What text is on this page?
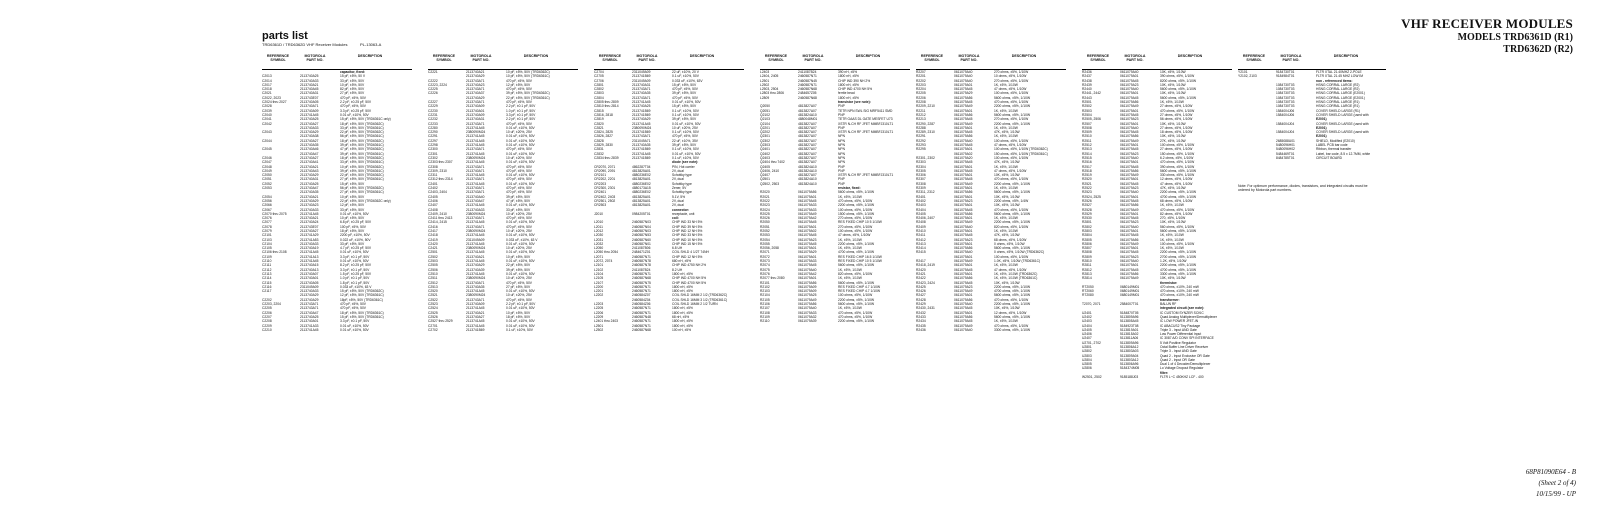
VHF RECEIVER MODULES
MODELS TRD6361D (R1)
TRD6362D (R2)
parts list
TRD6361D / TRD6362D VHF Receiver Modules	PL-13063-A
REFERENCE
SYMBOL
MOTOROLA
PART NO.
DESCRIPTION
capacitor, fixed:
C2013	2113740A25	15 pF, ±5%, 50 V
C2014	2113740A33	33 pF, ±5%, 50V
C2017	2113740A21	10 pF, ±5%, 50V
C2018	2113740A45	82 pF, ±5%, 50V
C2021	2113740A31	27 pF, ±5%, 50V
C2022, 2023	2113743E07	470 pF, ±5%, 50V
C2024 thru 2027	2113740A05	2.2 pF, ±0.25 pF, 50V
C2028	2113740A71	470 pF, ±5%, 50V
C2039	2113740A09	3.3 pF, ±0.25 pF, 50V
C2040	2113741A45	0.01 uF, ±10%, 50V
C2041	2113740A25	15 pF, ±5%, 50V (TRD6361C only)
C2042	2113740A27	18 pF, ±5%, 50V (TRD6362C)
2113740A33	33 pF, ±5%, 50V (TRD6361C)
C2043	2113740A29	22 pF, ±5%, 50V (TRD6362C)
2113740A38	56 pF, ±5%, 50V (TRD6361C)
C2044	2113740A27	18 pF, ±5%, 50V (TRD6362C)
2113740A35	39 pF, ±5%, 50V (TRD6361C)
C2045	2113740A46	47 pF, ±5%, 50V (TRD6362C)
2113740A47	39 pF, ±5%, 50V (TRD6361C)
C2046	2113740A27	18 pF, ±5%, 50V (TRD6362C)
C2047	2113740A41	33 pF, ±5%, 50V (TRD6361C)
C2048	2113740A21	10 pF, ±5%, 50V (TRD6362C)
C2049	2113740A43	39 pF, ±5%, 50V (TRD6361C)
C2050	2113740A29	22 pF, ±5%, 50V (TRD6362C)
C2051	2113740A31	27 pF, ±5%, 50V (TRD6361C)
C2052	2113740A25	15 pF, ±5%, 50V
C2053	2113740A47	56 pF, ±5%, 50V (TRD6362C)
2113740A35	27 pF, ±5%, 50V (TRD6361C)
C2054	2113740A21	10 pF, ±5%, 50V
C2056	2113740A29	22 pF, ±5%, 50V (TRD6362C only)
C2066	2113740A23	12 pF, ±5%, 50V
C2067	2113740A33	33 pF, ±5%, 50V
C2070 thru 2075	2113741A45	0.01 uF, ±10%, 50V
C2076	2113740A21	10 pF, ±5%, 50V
C2077	2113740A24	6.8 pF, ±0.25 pF, 50V
C2078	2113743E07	100 pF, ±5%, 50V
C2079	2113740A27	18 pF, ±5%, 50V
C2101	2113741A29	2200 pF, ±10%, 50V
C2103	2113741A53	0.022 uF, ±10%, 50V
C2104	2113740A33	33 pF, ±5%, 50V
C2105	2113740A19	4.7 pF, ±0.25 pF, 50V
C2106 thru 2108	2113741A45	0.01 uF, ±10%, 50V
C2109	2113741A13	3.3 pF, ±0.1 pF, 50V
C2110	2113741A45	0.01 uF, ±10%, 50V
C2111	2113740A15	8.2 pF, ±0.25 pF, 50V
C2112	2113740A13	3.3 pF, ±0.1 pF, 50V
C2113	2113740A07	1.5 pF, ±0.25 pF, 50V
C2114	2113740A01	1.0 pF, ±0.1 pF, 50V
C2115	2113740A05	1.8 pF, ±0.1 pF, 50V
C2116	2311049A09	0.033 uF, ±10%, 63 V
C2117	2113740A33	15 pF, ±5%, 50V (TRD6362C)
2113740A29	12 pF, ±5%, 50V (TRD6361C)
C2202	2113740A29	18pF, ±5%, 50V (TRD6361C)
C2203, 2204	2113743A71	470 pF, ±5%, 50V
C2205	2113743A71	470 pF, ±5%, 50V
C2206	2113740A47	18 pF, ±5%, 50V (TRD6361C)
C2207	2113740A25	15 pF, ±5%, 50V (TRD6361C)
C2208	2113740A01	3.3 pF, ±0.1 pF, 50V
C2209	2113741A33	0.01 uF, ±10%, 50V
C2210	2113741A45	0.01 uF, ±10%, 50V
REFERENCE
SYMBOL
MOTOROLA
PART NO.
DESCRIPTION
C2221	2113740A21	10 pF, ±5%, 50V (TRD6362C)
2113740A29	10 pF, ±5%, 50V (TRD6361C)
C2222	2113743A71	470 pF, ±5%, 50V
C2223, 2224	2113740A23	12 pF, ±5%, 50V
C2225	2113743A71	470 pF, ±5%, 50V
C2226	2113740A37	39 pF, ±5%, 50V (TRD6362C)
2113740A29	22 pF, ±5%, 50V (TRD6361C)
C2227	2113743A71	470 pF, ±5%, 50V
C2229	2113740A09	2.2 pF, ±0.1 pF, 50V
C2230	2113740A01	1.0 pF, ±0.1 pF, 50V
C2231	2113740A09	3.3 pF, ±0.1 pF, 50V
C2232	2113740A31	2.2 pF, ±0.1 pF, 50V
C2233	2113743A71	470 pF, ±5%, 50V
C2280	2113741A45	0.01 uF, ±10%, 50V
C2290	2380090M24	10 uF, ±20%, 25V
C2291	2113741A45	0.01 uF, ±10%, 50V
C2297	2113741A45	0.01 uF, ±10%, 50V
C2298	2113741A45	0.01 uF, ±10%, 50V
C2300	2113743A71	470 pF, ±5%, 50V
C2301	2113741A45	0.01 uF, ±10%, 50V
C2302	2380090M24	10 uF, ±20%, 50V
C2303 thru 2307	2113741A45	0.01 uF, ±10%, 50V
C2308	2113743A71	470 pF, ±5%, 50V
C2309, 2310	2113740A71	470 pF, ±5%, 50V
C2311	2113741A45	0.01 uF, ±10%, 50V
C2312 thru 2314	2113743A71	470 pF, ±5%, 50V
C2401	2113741A45	0.01 uF, ±10%, 50V
C2402	2113740A71	470 pF, ±5%, 50V
C2403, 2404	2113743A71	470 pF, ±5%, 50V
C2405	2113740A40	39 pF, ±5%, 50V
C2406	2113740A47	47 pF, ±5%, 50V
C2407	2113741A45	0.01 uF, ±10%, 50V
C2408	2113740A33	33 pF, ±5%, 50V
C2409, 2410	2380090M24	10 uF, ±20%, 25V
C2411 thru 2413	2113740A71	470 pF, ±5%, 50V
C2414, 2415	2113741A45	0.01 uF, ±10%, 50V
C2416	2113740A71	470 pF, ±5%, 50V
C2417	2380090M24	10 uF, ±20%, 25V
C2418	2113741A45	0.01 uF, ±10%, 50V
C2419	2311049A09	0.033 uF, ±10%, 63 V
C2420	2113741A45	0.01 uF, ±10%, 50V
C2421	2380090M24	10 uF, ±20%, 25V
C2501	2113741A45	0.01 uF, ±10%, 50V
C2502	2113740A21	10 pF, ±5%, 50V
C2503	2113741A45	0.01 uF, ±10%, 50V
C2505	2113740A29	22 pF, ±5%, 50V
C2506	2113740A39	39 pF, ±5%, 50V
C2510	2113741A45	0.01 uF, ±10%, 50V
C2511	2380090M24	10 uF, ±20%, 25V
C2512	2113740A71	470 pF, ±5%, 50V
C2513	2113740A35	27 pF, ±5%, 50V
C2520	2113741A45	0.01 uF, ±10%, 50V
C2521	2380090M24	10 uF, ±20%, 25V
C2522	2113743A71	470 pF, ±5%, 50V
C2523	2113740A09	2.2 pF, ±0.1 pF, 50V
C2524	2113741A45	0.01 uF, ±10%, 50V
C2525	2113740A21	10 pF, ±5%, 50V
C2526	2113740A27	18 pF, ±5%, 50V
C2527 thru 2529	2113741A45	0.01 uF, ±10%, 50V
C2701	2113741A45	0.01 uF, ±10%, 50V
C2702	2113741B69	0.1 uF, ±10%, 50V
REFERENCE
SYMBOL
MOTOROLA
PART NO.
DESCRIPTION
C2704	2311049A09	22 uF, ±10%, 20 V
C2705	2113741B69	0.1 uF, ±10%, 50V
C2706	2311049A09	0.033 uF, ±10%, 63V
C2801	2113740A31	15 pF, ±5%, 50V
C2802	2113743A71	470 pF, ±5%, 50V
C2803	2113740A35	39 pF, ±5%, 50V
C2804	2113743A71	470 pF, ±5%, 50V
C2805 thru 2809	2113741A45	0.01 uF, ±10%, 50V
C2810 thru 2814	2113740A25	15 pF, ±5%, 50V
C2815	2113741B69	0.1 uF, ±10%, 50V
C2816, 2818	2113741B69	0.1 uF, ±10%, 50V
C2819	2113740A29	39 pF, ±5%, 50V
C2820	2113741A45	0.01 uF, ±10%, 50V
C2821	2380090M24	10 uF, ±20%, 25V
C2824, 2825	2113741B69	0.1 uF, ±10%, 50V
C2826, 2827	2113743A71	470 pF, ±5%, 50V
C2828	2311049A71	22 uF, ±10%, 35V
C2829, 2830	2113740A35	39 pF, ±5%, 50V
C2831	2113741B69	0.1 uF, ±10%, 50V
C2832	2113741A45	0.01 uF, ±10%, 50V
C2834 thru 2839	2113741B69	0.1 uF, ±10%, 50V
diode (see note):
CR2070, 2071	4862287T04	PIN, Hot carrier
CR2090, 2091	4813825A01	2V, dual
CR2101	4880236E02	Schottky type
CR2202, 2201	4813825A01	2V, dual
CR2203	4880236E02	Schottky type
CR2300, 2301	4880173A15	Zener, 5V
CR2401	4880236E02	Schottky type
CR2402, 2403	4813825A01	5.1V, 5%
CR2501, 2502	4813825A01	2V, dual
CR2503	4813825A01	2V, dual
connector:
J2010	0984205T01	receptacle, unit
coil:
L2010	2460587N03	CHIP IND 33 NH 5%
L2011	2460587N04	CHIP IND 39 NH 5%
L2012	2460587N03	CHIP IND 12 NH 5%
L2030	2460587N53	CHIP IND 33 NH 5%
L2031	2460587N60	CHIP IND 10 NH 5%
L2032	2460587N01	CHIP IND 15 NH 5%
L2050	2411087B06	6.8 UH
L2050 thru 2054	2484671Z01	COIL SHLD 4 1/2T 74NH
L2071	2460587N71	CHIP IND 12 NH 5%
L2072, 2074	2460587N78	680 nH, ±5%
L2101	2460587N78	CHIP IND 4750 NH 2%
L2102	2411087B24	8.2 UH
L2104	2460587N71	1800 nH, ±5%
L2105	2460587N68	CHIP IND 4700 NH 5%
L2107	2460587N75	CHIP IND 4700 NH 5%
L2200	2460587N71	1800 nH, ±5%
L2201	2460587N71	1800 nH, ±5%
L2202	2460584Z07	COIL SHLD 16MM 2 1/2 (TRD6362C)
2460584Z04	COIL SHLD 16MM 3 1/2 (TRD6361C)
L2203	2460584Z06	COIL SHLD 16MM 2 1/2 TURN
L2205	2460587N71	1800 nH, ±5%
L2206	2460587N71	1800 nH, ±5%
L2209	2460587N48	68 nH, ±5%
L2401 thru 2403	2460587N71	1800 nH, ±5%
L2501	2460587N71	1800 nH, ±5%
L2502	2460587N68	100 nH, ±5%
REFERENCE
SYMBOL
MOTOROLA
PART NO.
DESCRIPTION
L2403	2411087B24	390 nH, ±5%
L2404, 2405	2460587N71	1800 nH, ±5%
L2501	2460587N45	CHIP IND 390 NH 2%
L2502	2460587N71	1800 nH, ±5%
L2503, 2504	2460587N68	CHIP IND 4700 NH 5%
L2803 thru 2806	2484657Z05	ferrite bead
L2809	2460587N68	1800 nH, ±5%
transistor (see note):
Q2050	4813827A07	PNP
Q2051	4813827A07	TETR NPN SWL SIG MRF5411 SMD
Q2102	4813824A10	PNP
Q2103	4880048M01	TETR GAAS DL GATE MESFET U73
Q2104	4813827A07	XSTR N-CH RF JFET MMBFJ310LT1
Q2201	4813827A07	PNP
Q2202	4813827A07	XSTR N-CH RF JFET MMBFJ310LT1
Q2301	4813827A07	NPN
Q2302	4813827A07	NPN
Q2303	4813827A07	NPN
Q2401	4813827A07	NPN
Q2402	4813827A07	NPN
Q2403	4813827A07	NPN
Q2404 thru 7402	4813827A07	NPN
Q2405	4813824A10	PNP
Q2406, 2410	4813824A10	PNP
Q2407	4813827A07	XSTR N-CH RF JFET MMBFJ310LT1
Q2501	4813824A10	PNP
Q2502, 2503	4813824A10	PNP
resistor, fixed:
R2020	0611079A56	5600 ohms, ±5%, 1/10W
R2021	0611079A01	1K, ±5%, 1/10W
R2022	0611079A45	470 ohms, ±5%, 1/10W
R2023	0611079A33	2200 ohms, ±5%, 1/10W
R2024	0611079A33	100 ohms, ±5%, 1/10W
R2025	0611079A49	1500 ohms, ±5%, 1/10W
R2026	0611079A42	270 ohms, ±5%, 1/10W
R2050	0611079A45	RES FIXED CHIP 10 5 1/10W
R2051	0611079A01	270 ohms, ±5%, 1/10W
R2052	0611079A02	100 ohms, ±5%, 1/10W
R2053	0611079A45	47 ohms, ±5%, 1/10W
R2054	0611079A23	1K, ±5%, 1/10W
R2055	0611079A45	2200 ohms, ±5%, 1/10W
R2056, 2058	0611079A01	1K, ±5%, 1/10W
R2071	0611079A29	4700 ohms, ±5%, 1/10W
R2072	0611079A01	RES FIXED CHIP 16.5 1/10W
R2073	0611079A33	RES FIXED CHIP 10 5 1/10W
R2074	0611079A45	5600 ohms, ±5%, 1/10W
R2075	0611079A40	1K, ±5%, 1/10W
R2076	0611079A42	820 ohms, ±5%, 1/10W
R2077 thru 2080	0611079A01	1K, ±5%, 1/10W
R2101	0611079A56	5600 ohms, ±5%, 1/10W
R2102	0611079A09	RES FIXED CHIP 4.7 1/10W
R2103	0611079A09	RES FIXED CHIP 4.7 1/10W
R2104	0611079A25	100 ohms, ±5%, 1/10W
R2105	0611079A49	2200 ohms, ±5%, 1/10W
R2106	0611079A56	5600 ohms, ±5%, 1/10W
R2107	0611079A40	1K, ±5%, 1/10W
R2108	0611079A33	470 ohms, ±5%, 1/10W
R2109	0611079A32	470 ohms, ±5%, 1/10W
R2110	0611079A39	2200 ohms, ±5%, 1/10W
REFERENCE
SYMBOL
MOTOROLA
PART NO.
DESCRIPTION
R2207	0611079A40	270 ohms, ±5%, 1/10W
R2201	0611079A40	10 ohms, ±5%, 1/10W
R2202	0611079A40	270 ohms, ±5%, 1/10W
R2203	0611079A01	1K, ±5%, 1/10W
R2204	0611079A45	47 ohms, ±5%, 1/10W
R2205	0611079A29	100 ohms, ±5%, 1/10W
R2206	0611079A56	5600 ohms, ±5%, 1/10W
R2208	0611079A45	470 ohms, ±5%, 1/10W
R2209, 2210	0611079A49	2200 ohms, ±5%, 1/10W
R2211	0611079A01	1K, ±5%, 1/10W
R2212	0611079A56	5600 ohms, ±5%, 1/10W
R2213	0611079A45	270 ohms, ±5%, 1/10W
R2290, 2287	0611079A49	2200 ohms, ±5%, 1/10W
R2288	0611079A01	1K, ±5%, 1/10W
R2289, 2310	0611079A45	47K, ±5%, 1/10W
R2291	0611079A56	1K, ±5%, 1/10W
R2292	0611079A40	100 ohms, ±5%, 1/10W
R2293	0611079A45	47 ohms, ±5%, 1/10W
R2295	0611079A01	100 ohms, ±5%, 1/10W (TRD6362C)
0611079A02	150 ohms, ±5%, 1/10W (TRD6361C)
R2301, 2302	0611079A20	100 ohms, ±5%, 1/10W
R2303	0611079A45	47K, ±5%, 1/10W
R2304	0611079A01	1K, ±5%, 1/10W
R2305	0611079A45	47 ohms, ±5%, 1/10W
R2306	0611079A01	10K, ±5%, 1/10W
R2307	0611079A45	470 ohms, ±5%, 1/10W
R2308	0611079A49	2200 ohms, ±5%, 1/10W
R2309	0611079A01	1K, ±5%, 1/10W
R2311, 2312	0611079A56	5600 ohms, ±5%, 1/10W
R2401	0611079A01	10K, ±5%, 1/10W
R2402	0611079A23	2200 ohms, ±5%, 1/4W
R2403	0611079A01	10K, ±5%, 1/10W
R2404	0611079A45	470 ohms, ±5%, 1/10W
R2405	0611079A56	5600 ohms, ±5%, 1/10W
R2406, 2407	0611079A01	1K, ±5%, 1/10W
R2408	0611079A49	2200 ohms, ±5%, 1/10W
R2409	0611079A40	820 ohms, ±5%, 1/10W
R2410	0611079A01	1K, ±5%, 1/10W
R2411	0611079A45	47K, ±5%, 1/10W
R2412	0611079A23	68 ohms, ±5%, 1/10W
R2413	0611079A01	0 ohms, ±5%, 1/10W
R2414	0611079A56	5600 ohms, ±5%, 1/10W
R2415	0611079A40	0 ohms, ±5%, 1/10W (TRD6362C)
0611079A01	100 ohms, ±5%, 1/10W
R2417	0611079A49	1.0K, ±5%, 1/10W (TRD6361C)
R2418, 2419	0611079A01	1K, ±5%, 1/10W
R2420	0611079A45	47 ohms, ±5%, 1/10W
R2421	0611079A01	1K, ±5%, 1/10W (TRD6362C)
R2422	0611079A56	1K, ±5%, 1/10W (TRD6361C)
R2423, 2424	0611079A45	10K, ±5%, 1/10W
R2425	0611079A23	2200 ohms, ±5%, 1/10W
R2426	0611079A49	4700 ohms, ±5%, 1/10W
R2427	0611079A01	5600 ohms, ±5%, 1/10W
R2428	0611079A56	470 ohms, ±5%, 1/10W
R2429	0611079A40	2200 ohms, ±5%, 1/10W
R2430, 2431	0611079A45	10K, ±5%, 1/10W
R2432	0611079A01	12 ohms, ±5%, 1/10W
R2433	0611079A56	5600 ohms, ±5%, 1/10W
R2434	0611079A45	1K, ±5%, 1/10W
R2435	0611079A49	470 ohms, ±5%, 1/10W
R2436	0611079A40	3300 ohms, ±5%, 1/10W
REFERENCE
SYMBOL
MOTOROLA
PART NO.
DESCRIPTION
R2436	0611079A40	10K, ±5%, 1/10W
R2437	0611079A01	390 ohms, ±5%, 1/10W
R2438	0611079A45	8200 ohms, ±5%, 1/10W
R2439	0611079A23	10K, ±5%, 1/10W
R2440	0611079A40	5600 ohms, ±5%, 1/10W
R2441, 2442	0611079A01	10K, ±5%, 1/10W
R2443	0611079A45	5600 ohms, ±5%, 1/10W
R2501	0611079A56	1K, ±5%, 1/10W
R2502	0611079A49	27 ohms, ±5%, 1/10W
R2503	0611079A01	470 ohms, ±5%, 1/10W
R2504	0611079A45	27 ohms, ±5%, 1/10W
R2505, 2506	0611079A23	56 ohms, ±5%, 1/10W
R2507	0611079A01	10K, ±5%, 1/10W
R2508	0611079A40	27 ohms, ±5%, 1/10W
R2509	0611079A45	18 ohms, ±5%, 1/10W
R2510	0611079A56	10K, ±5%, 1/10W
R2511	0611079A49	27K, ±5%, 1/10W
R2512	0611079A01	100 ohms, ±5%, 1/10W
R2513	0611079A45	27 ohms, ±5%, 1/10W
R2514	0611079A23	150 ohms, ±5%, 1/10W
R2515	0611079A40	6.2 ohms, ±5%, 1/10W
R2516	0611079A01	470 ohms, ±5%, 1/10W
R2517	0611079A45	390 ohms, ±5%, 1/10W
R2518	0611079A56	5600 ohms, ±5%, 1/10W
R2519	0611079A49	330 ohms, ±5%, 1/10W
R2520	0611079A01	12 ohms, ±5%, 1/10W
R2521	0611079A45	47 ohms, ±5%, 1/10W
R2522	0611079A23	47K, ±5%, 1/10W
R2523	0611079A40	2200 ohms, ±5%, 1/10W
R2524, 2525	0611079A01	4700 ohms, ±5%, 1/10W
R2526	0611079A45	68 ohms, ±5%, 1/10W
R2527	0611079A56	1K, ±5%, 1/10W
R2528	0611079A49	470 ohms, ±5%, 1/10W
R2529	0611079A01	82 ohms, ±5%, 1/10W
R2530	0611079A45	270, ±5%, 1/10W
R2801	0611079A23	10K, ±5%, 1/10W
R2802	0611079A40	560 ohms, ±5%, 1/10W
R2803	0611079A01	5600 ohms, ±5%, 1/10W
R2804	0611079A45	1K, ±5%, 1/10W
R2805	0611079A56	1K, ±5%, 1/10W
R2806	0611079A49	100 ohms, ±5%, 1/10W
R2807	0611079A01	1K, ±5%, 1/10W
R2808	0611079A45	2200 ohms, ±5%, 1/10W
R2809	0611079A23	2700 ohms, ±5%, 1/10W
R2810	0611079A40	1.2K, ±5%, 1/10W
R2811	0611079A01	2200 ohms, ±5%, 1/10W
R2812	0611079A45	4700 ohms, ±5%, 1/10W
R2813	0611079A56	3300 ohms, ±5%, 1/10W
R2814	0611079A49	10K, ±5%, 1/10W
thermistor:
RT2050	0680149M01	470 ohms, ±10%, 240 mW
RT2060	0680149M01	470 ohms, ±10%, 240 mW
RT2080	0680149M01	470 ohms, ±10%, 240 mW
transformer:
T2070, 2071	2584007T01	BALUN RF
integrated circuit (see note):
U2401	5184870T05	IC CUSTOM SYNZER SCKIC
U2402	5113809A96	Quad Analog Multiplexer/Demultiplexer
U2403	5113805A45	IC LOW POWER JFET-IN
U2404	5184923T08	IC ABACUS2 Tiny Package
U2405	5113819A01	Triple 3 - Input AND Gate
U2406	5113815A02	Low Power Differential Input
U2407	5113811A06	IC 3087 A/D CONV SPI INTERFACE
U2701, 2702	5113809A96	5 Volt Positive Regulator
U2801	5113806A12	Octal Buffer Line Driver Receiver
U2802	5113803A03	Triple 3 - Input AND Gate
U2803	5113809A04	Quad 2 - Input Exclusive OR Gate
U2804	5113803A12	Quad 2 - Input OR Gate
U2805	5113806A96	Dual 1 of 4 Decoder/Demultiplexer
U2806	5184374M05	Lo Voltage Dropout Regulator
filter:
W2501, 2502	9185188J03	FLTR L~C 450KHZ LCF - 400
REFERENCE
SYMBOL
MOTOROLA
PART NO.
DESCRIPTION
Y2101	9184730T01	FLTR XTAL 21.40MHZ 2-POLE
Y2102, 2103	9184984T01	FLTR XTAL 21.45 MHZ LOW IM
non - referenced items:
1084730T03	HSNG CORRAL LARGE (R2)
1084730T03	HSNG CORRAL LARGE (R2)
1084730T03	HSNG CORRAL LARGE (E2001)
1084730T03	HSNG CORRAL LARGE (E2001)
1084730T03	HSNG CORRAL LARGE (R1)
1084730T03	HSNG CORRAL LARGE (R1)
1584004J06	COVER SHIELD LARGE (R1)
1584004J06	COVER SHIELD LARGE (used with
E2001)
1584004J04	COVER SHIELD LARGE (used with
E2001)
1584004J04	COVER SHIELD LARGE (used with
E2001)
2685088U01	SHIELD, Modified (E2010)
5480096H01	LABEL PCB bar code
5480096H02	Ribbon, thermal transfer
5484469T01	Label, bar code, 8.5 x 12.7MM, white
8484785T01	CIRCUIT BOARD
Note: For optimum performance, diodes, transistors, and integrated circuits must be ordered by Motorola part numbers.
68P81090E64 - B
(Sheet 2 of 4)
10/15/99 - UP
